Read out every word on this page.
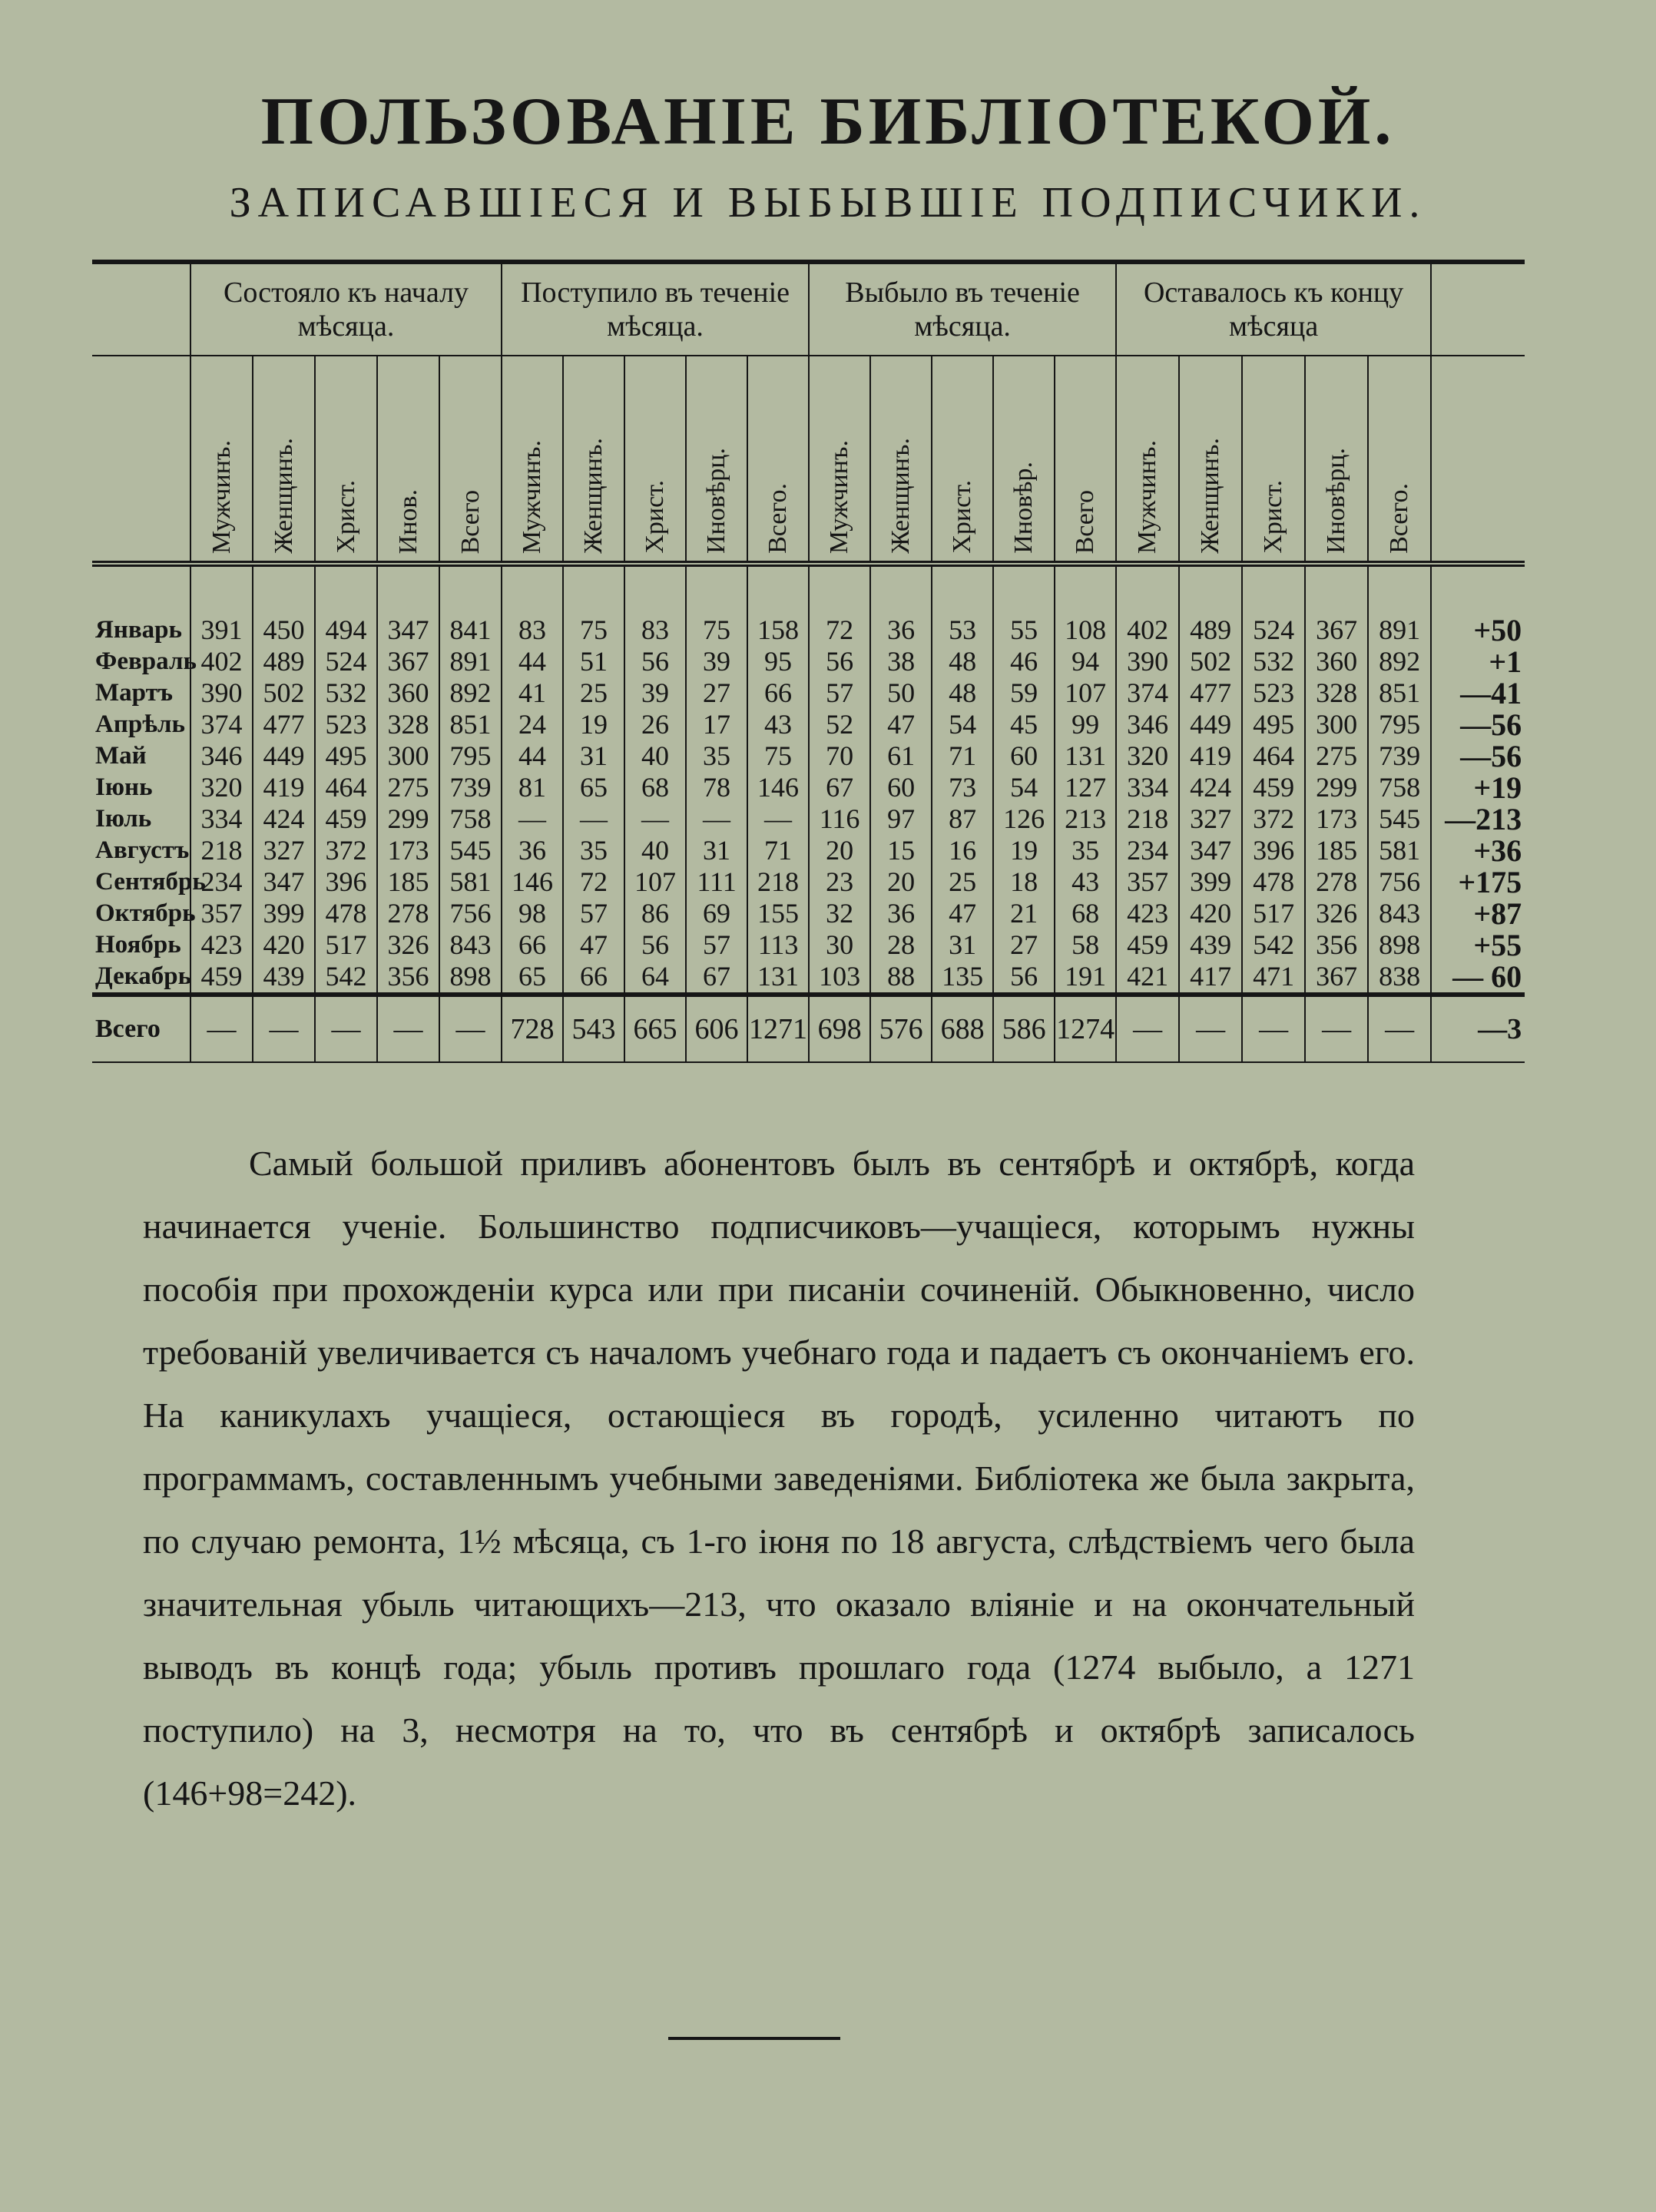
ПОЛЬЗОВАНІЕ БИБЛІОТЕКОЙ.
ЗАПИСАВШІЕСЯ И ВЫБЫВШІЕ ПОДПИСЧИКИ.
	Состояло къ началу мѣсяца.					Поступило въ теченіе мѣсяца.					Выбыло въ теченіе мѣсяца.					Оставалось къ концу мѣсяца					
	Мужчинъ.	Женщинъ.	Христ.	Инов.	Всего	Мужчинъ.	Женщинъ.	Христ.	Иновѣрц.	Всего.	Мужчинъ.	Женщинъ.	Христ.	Иновѣр.	Всего	Мужчинъ.	Женщинъ.	Христ.	Иновѣрц.	Всего.	

Январь	391	450	494	347	841	83	75	83	75	158	72	36	53	55	108	402	489	524	367	891	+50
Февраль	402	489	524	367	891	44	51	56	39	95	56	38	48	46	94	390	502	532	360	892	+1
Мартъ	390	502	532	360	892	41	25	39	27	66	57	50	48	59	107	374	477	523	328	851	—41
Апрѣль	374	477	523	328	851	24	19	26	17	43	52	47	54	45	99	346	449	495	300	795	—56
Май	346	449	495	300	795	44	31	40	35	75	70	61	71	60	131	320	419	464	275	739	—56
Іюнь	320	419	464	275	739	81	65	68	78	146	67	60	73	54	127	334	424	459	299	758	+19
Іюль	334	424	459	299	758	—	—	—	—	—	116	97	87	126	213	218	327	372	173	545	—213
Августъ	218	327	372	173	545	36	35	40	31	71	20	15	16	19	35	234	347	396	185	581	+36
Сентябрь	234	347	396	185	581	146	72	107	111	218	23	20	25	18	43	357	399	478	278	756	+175
Октябрь	357	399	478	278	756	98	57	86	69	155	32	36	47	21	68	423	420	517	326	843	+87
Ноябрь	423	420	517	326	843	66	47	56	57	113	30	28	31	27	58	459	439	542	356	898	+55
Декабрь	459	439	542	356	898	65	66	64	67	131	103	88	135	56	191	421	417	471	367	838	— 60
Всего	—	—	—	—	—	728	543	665	606	1271	698	576	688	586	1274	—	—	—	—	—	—3

Самый большой приливъ абонентовъ былъ въ сентябрѣ и октябрѣ, когда начинается ученіе. Большинство подписчиковъ—учащіеся, которымъ нужны пособія при прохожденіи курса или при писаніи сочиненій. Обыкновенно, число требованій увеличивается съ началомъ учебнаго года и падаетъ съ окончаніемъ его. На каникулахъ учащіеся, остающіеся въ городѣ, усиленно читаютъ по программамъ, составленнымъ учебными заведеніями. Библіотека же была закрыта, по случаю ремонта, 1½ мѣсяца, съ 1-го іюня по 18 августа, слѣдствіемъ чего была значительная убыль читающихъ—213, что оказало вліяніе и на окончательный выводъ въ концѣ года; убыль противъ прошлаго года (1274 выбыло, а 1271 поступило) на 3, несмотря на то, что въ сентябрѣ и октябрѣ записалось (146+98=242).
